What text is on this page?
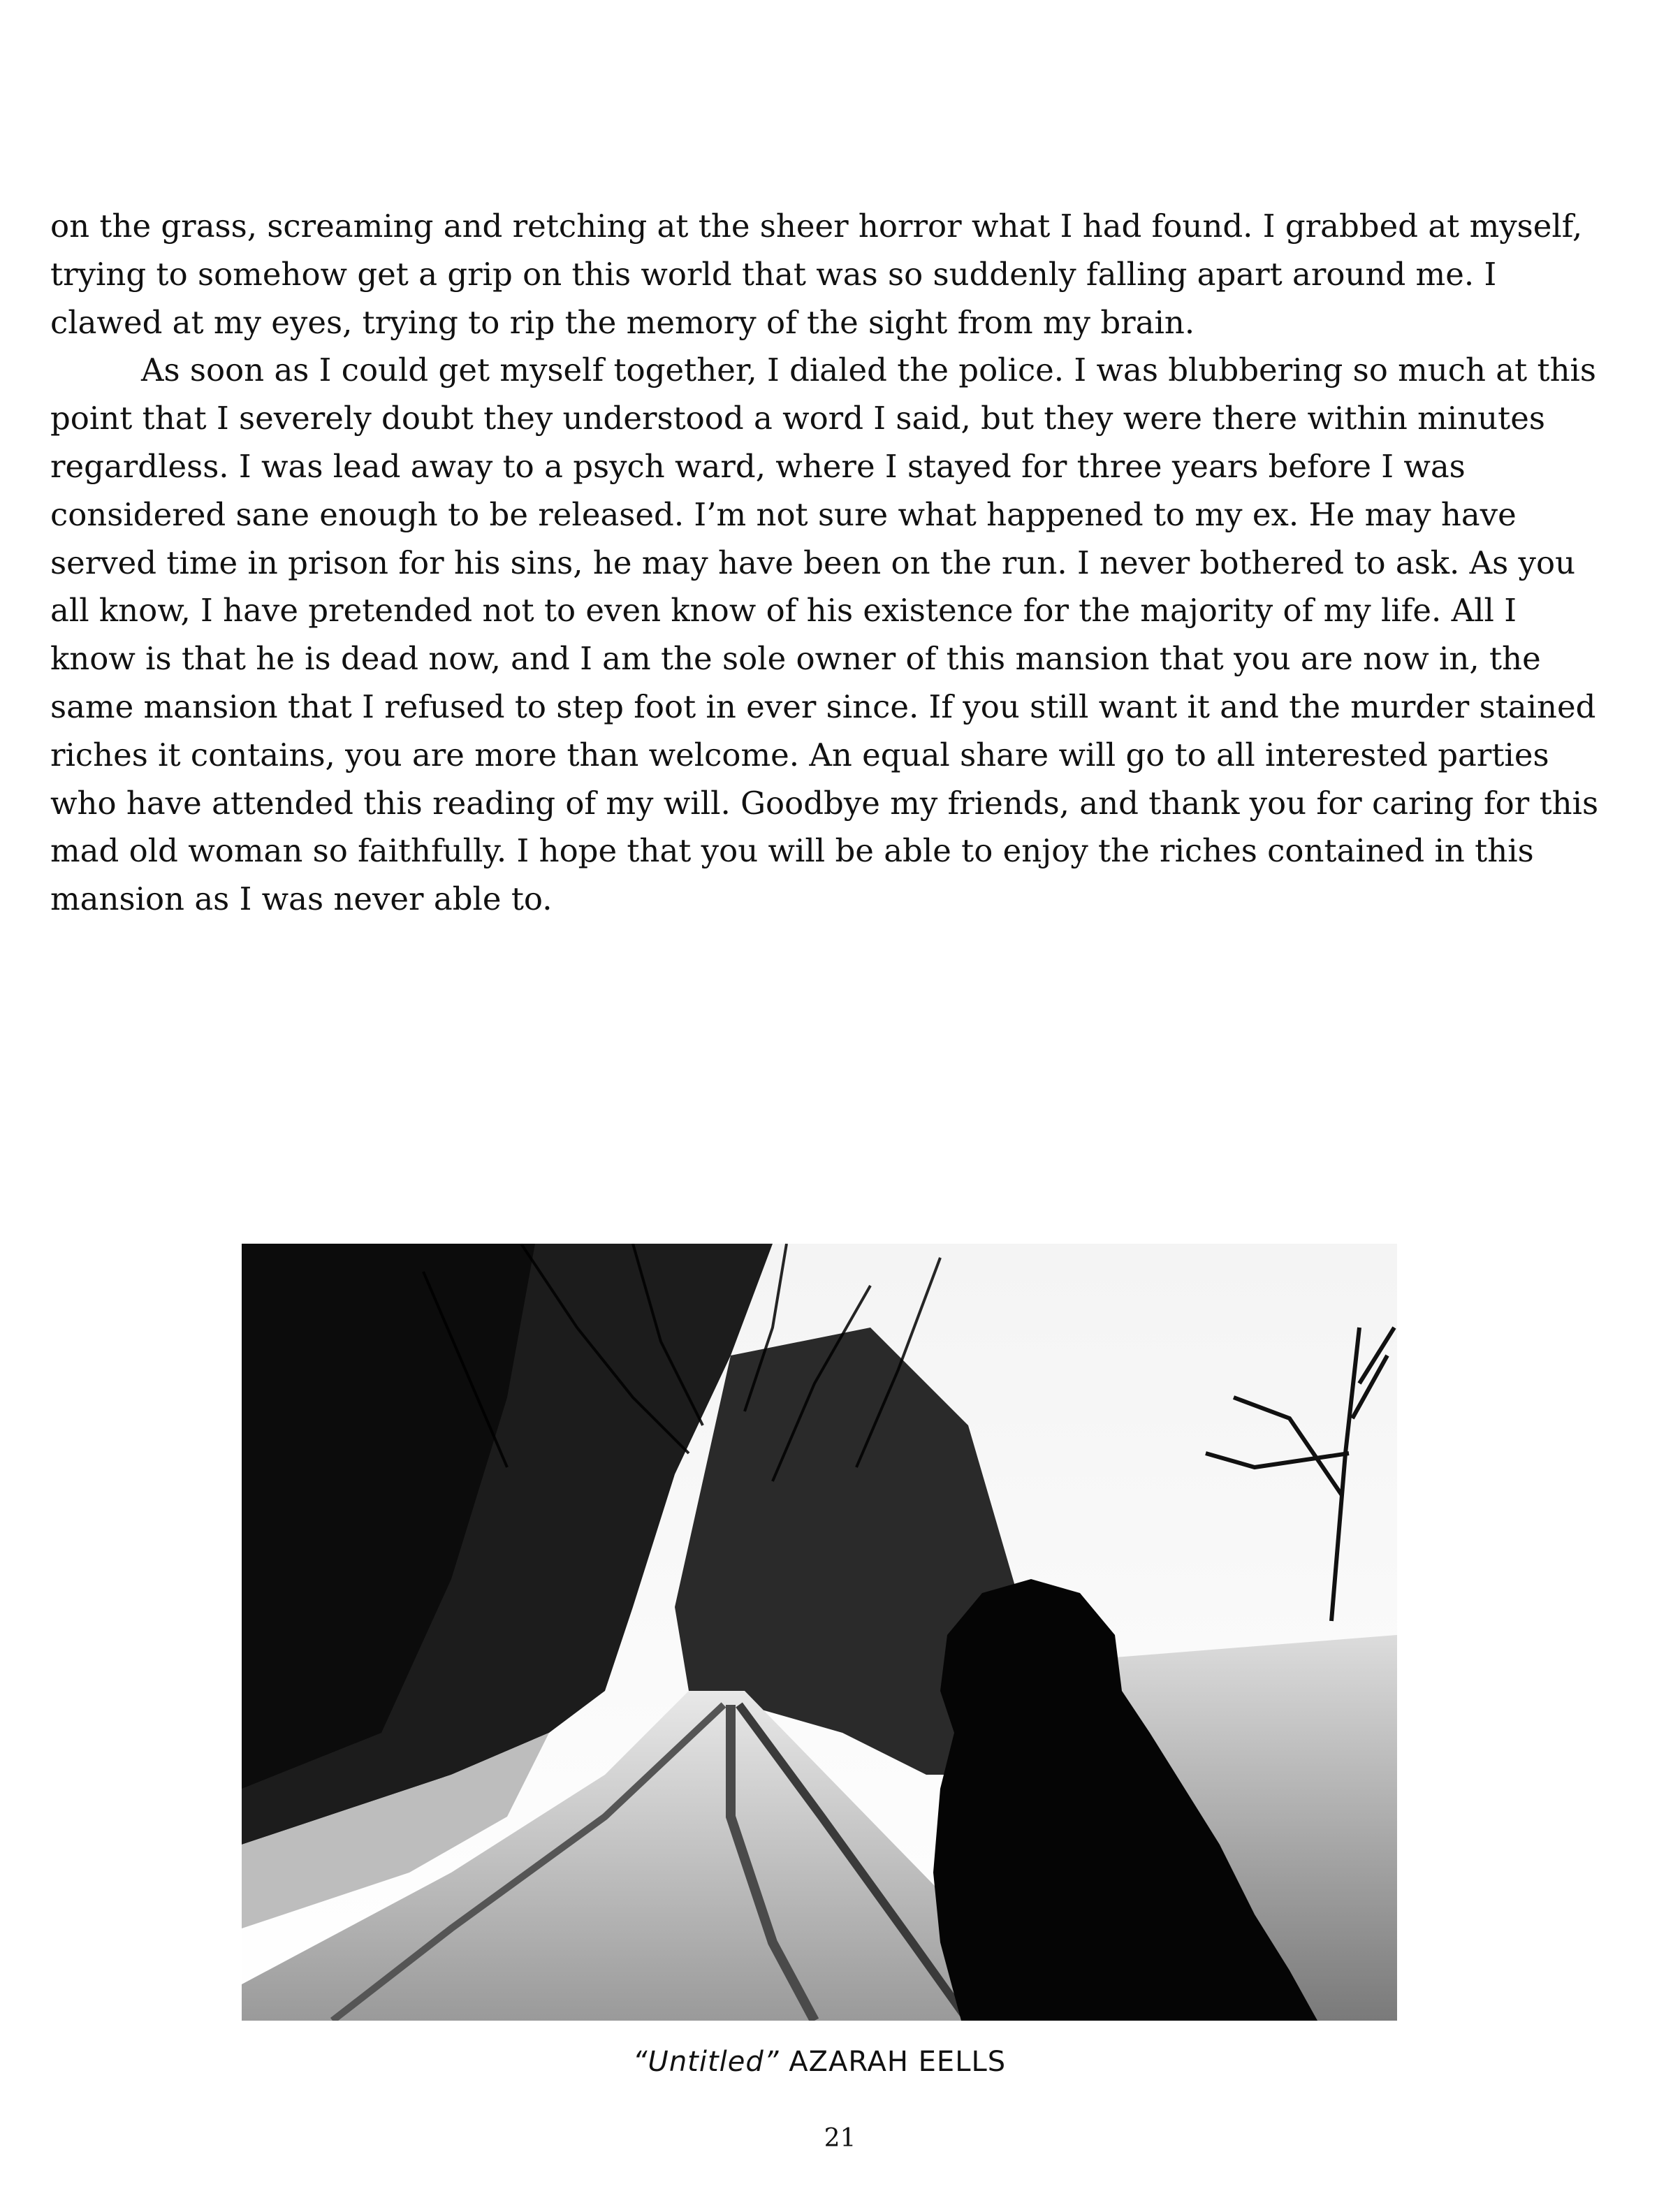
on the grass, screaming and retching at the sheer horror what I had found. I grabbed at myself, trying to somehow get a grip on this world that was so suddenly falling apart around me. I clawed at my eyes, trying to rip the memory of the sight from my brain.

As soon as I could get myself together, I dialed the police. I was blubbering so much at this point that I severely doubt they understood a word I said, but they were there within minutes regardless. I was lead away to a psych ward, where I stayed for three years before I was considered sane enough to be released. I’m not sure what happened to my ex. He may have served time in prison for his sins, he may have been on the run. I never bothered to ask. As you all know, I have pretended not to even know of his existence for the majority of my life. All I know is that he is dead now, and I am the sole owner of this mansion that you are now in, the same mansion that I refused to step foot in ever since. If you still want it and the murder stained riches it contains, you are more than welcome. An equal share will go to all interested parties who have attended this reading of my will. Goodbye my friends, and thank you for caring for this mad old woman so faithfully. I hope that you will be able to enjoy the riches contained in this mansion as I was never able to.

“Untitled” AZARAH EELLS
21
